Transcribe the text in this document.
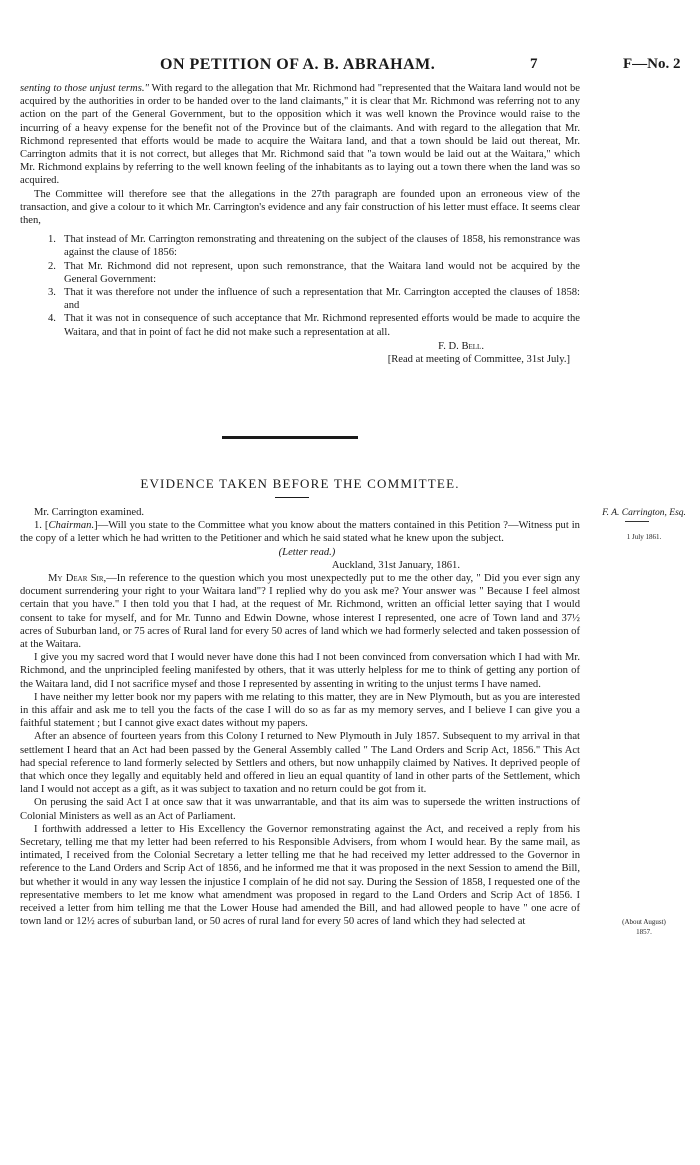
ON PETITION OF A. B. ABRAHAM.	7	F—No. 2

senting to those unjust terms." With regard to the allegation that Mr. Richmond had "represented that the Waitara land would not be acquired by the authorities in order to be handed over to the land claimants," it is clear that Mr. Richmond was referring not to any action on the part of the General Government, but to the opposition which it was well known the Province would raise to the incurring of a heavy expense for the benefit not of the Province but of the claimants. And with regard to the allegation that Mr. Richmond represented that efforts would be made to acquire the Waitara land, and that a town should be laid out thereat, Mr. Carrington admits that it is not correct, but alleges that Mr. Richmond said that "a town would be laid out at the Waitara," which Mr. Richmond explains by referring to the well known feeling of the inhabitants as to laying out a town there when the land was so acquired.

The Committee will therefore see that the allegations in the 27th paragraph are founded upon an erroneous view of the transaction, and give a colour to it which Mr. Carrington's evidence and any fair construction of his letter must efface. It seems clear then,

1. That instead of Mr. Carrington remonstrating and threatening on the subject of the clauses of 1858, his remonstrance was against the clause of 1856:
2. That Mr. Richmond did not represent, upon such remonstrance, that the Waitara land would not be acquired by the General Government:
3. That it was therefore not under the influence of such a representation that Mr. Carrington accepted the clauses of 1858: and
4. That it was not in consequence of such acceptance that Mr. Richmond represented efforts would be made to acquire the Waitara, and that in point of fact he did not make such a representation at all.
F. D. Bell.
[Read at meeting of Committee, 31st July.]
EVIDENCE TAKEN BEFORE THE COMMITTEE.
F. A. Carrington, Esq.
1 July 1861.
(About August)
1857.

Mr. Carrington examined.

1. [Chairman.]—Will you state to the Committee what you know about the matters contained in this Petition ?—Witness put in the copy of a letter which he had written to the Petitioner and which he said stated what he knew upon the subject.

(Letter read.)

Auckland, 31st January, 1861.

My Dear Sir,—In reference to the question which you most unexpectedly put to me the other day, " Did you ever sign any document surrendering your right to your Waitara land"? I replied why do you ask me? Your answer was " Because I feel almost certain that you have." I then told you that I had, at the request of Mr. Richmond, written an official letter saying that I would consent to take for myself, and for Mr. Tunno and Edwin Downe, whose interest I represented, one acre of Town land and 37½ acres of Suburban land, or 75 acres of Rural land for every 50 acres of land which we had formerly selected and taken possession of at the Waitara.

I give you my sacred word that I would never have done this had I not been convinced from conversation which I had with Mr. Richmond, and the unprincipled feeling manifested by others, that it was utterly helpless for me to think of getting any portion of the Waitara land, did I not sacrifice mysef and those I represented by assenting in writing to the unjust terms I have named.

I have neither my letter book nor my papers with me relating to this matter, they are in New Plymouth, but as you are interested in this affair and ask me to tell you the facts of the case I will do so as far as my memory serves, and I believe I can give you a faithful statement ; but I cannot give exact dates without my papers.

After an absence of fourteen years from this Colony I returned to New Plymouth in July 1857. Subsequent to my arrival in that settlement I heard that an Act had been passed by the General Assembly called " The Land Orders and Scrip Act, 1856." This Act had special reference to land formerly selected by Settlers and others, but now unhappily claimed by Natives. It deprived people of that which once they legally and equitably held and offered in lieu an equal quantity of land in other parts of the Settlement, which land I would not accept as a gift, as it was subject to taxation and no return could be got from it.

On perusing the said Act I at once saw that it was unwarrantable, and that its aim was to supersede the written instructions of Colonial Ministers as well as an Act of Parliament.

I forthwith addressed a letter to His Excellency the Governor remonstrating against the Act, and received a reply from his Secretary, telling me that my letter had been referred to his Responsible Advisers, from whom I would hear. By the same mail, as intimated, I received from the Colonial Secretary a letter telling me that he had received my letter addressed to the Governor in reference to the Land Orders and Scrip Act of 1856, and he informed me that it was proposed in the next Session to amend the Bill, but whether it would in any way lessen the injustice I complain of he did not say. During the Session of 1858, I requested one of the representative members to let me know what amendment was proposed in regard to the Land Orders and Scrip Act of 1856. I received a letter from him telling me that the Lower House had amended the Bill, and had allowed people to have " one acre of town land or 12½ acres of suburban land, or 50 acres of rural land for every 50 acres of land which they had selected at
